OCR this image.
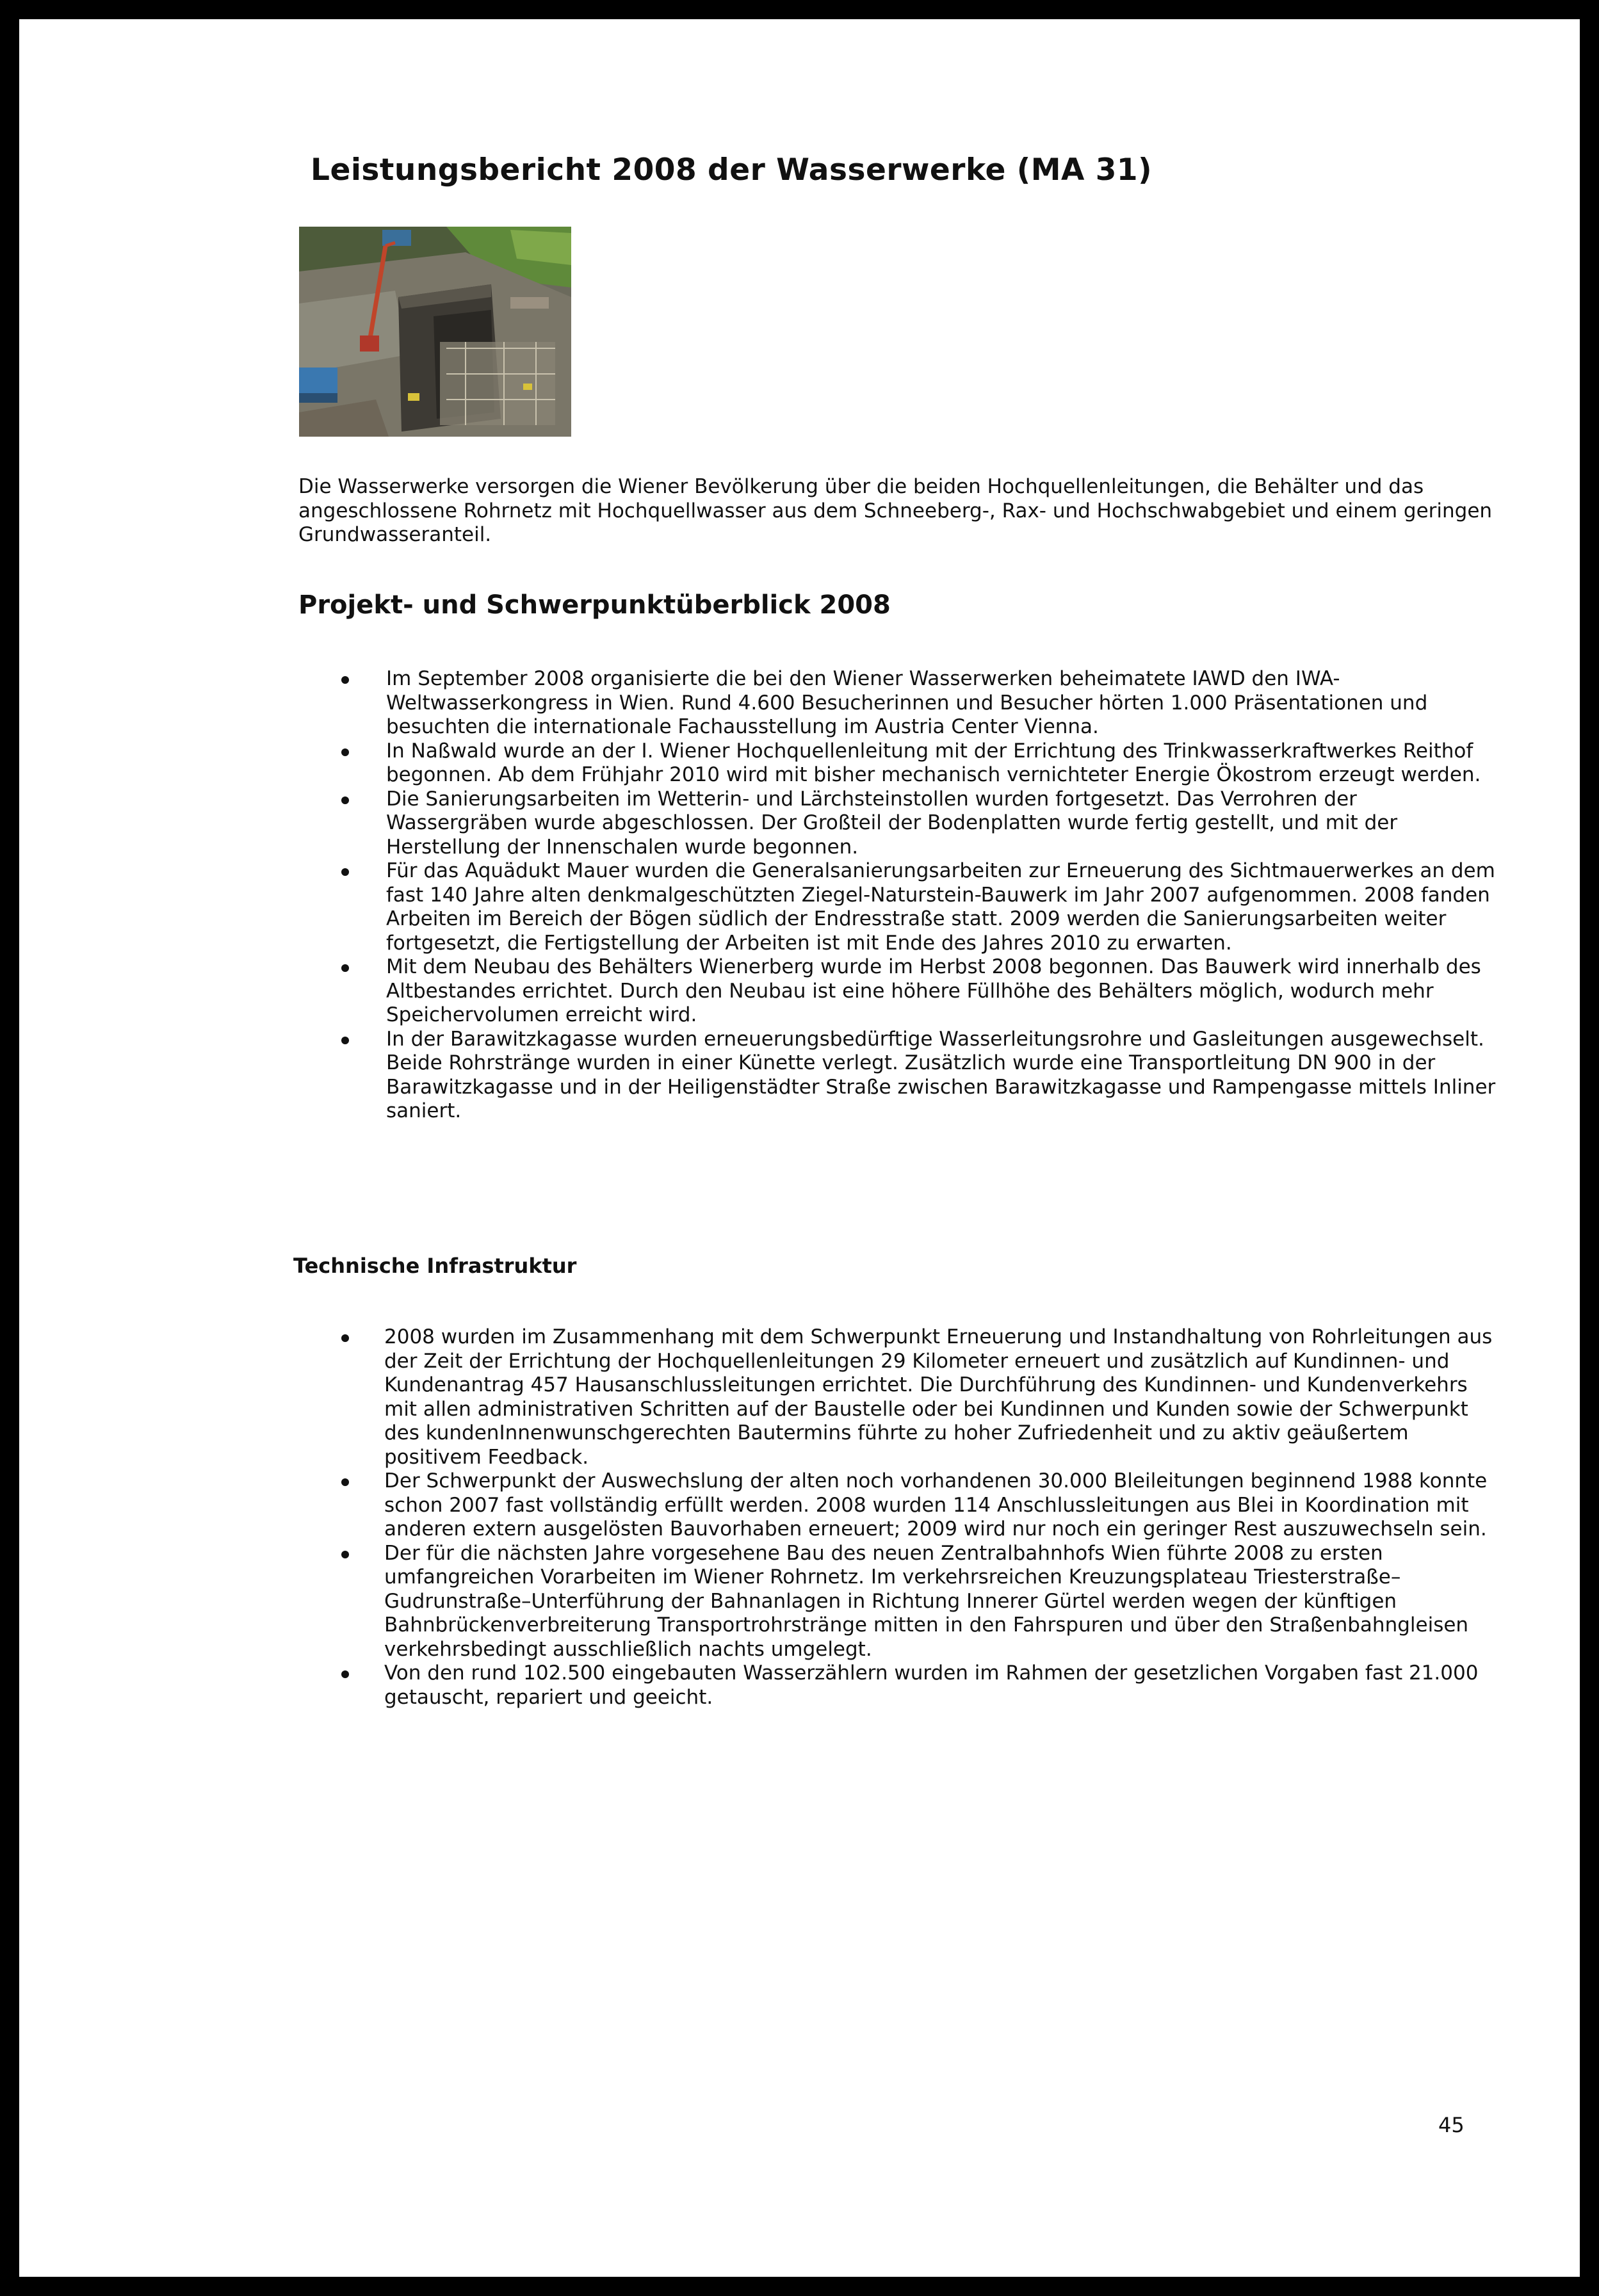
Leistungsbericht 2008 der Wasserwerke (MA 31)

Die Wasserwerke versorgen die Wiener Bevölkerung über die beiden Hochquellenleitungen, die Behälter und das angeschlossene Rohrnetz mit Hochquellwasser aus dem Schneeberg-, Rax- und Hochschwabgebiet und einem geringen Grundwasseranteil.

Projekt- und Schwerpunktüberblick 2008
Im September 2008 organisierte die bei den Wiener Wasserwerken beheimatete IAWD den IWA-Weltwasserkongress in Wien. Rund 4.600 Besucherinnen und Besucher hörten 1.000 Präsentationen und besuchten die internationale Fachausstellung im Austria Center Vienna.
In Naßwald wurde an der I. Wiener Hochquellenleitung mit der Errichtung des Trinkwasserkraftwerkes Reithof begonnen. Ab dem Frühjahr 2010 wird mit bisher mechanisch vernichteter Energie Ökostrom erzeugt werden.
Die Sanierungsarbeiten im Wetterin- und Lärchsteinstollen wurden fortgesetzt. Das Verrohren der Wassergräben wurde abgeschlossen. Der Großteil der Bodenplatten wurde fertig gestellt, und mit der Herstellung der Innenschalen wurde begonnen.
Für das Aquädukt Mauer wurden die Generalsanierungsarbeiten zur Erneuerung des Sichtmauerwerkes an dem fast 140 Jahre alten denkmalgeschützten Ziegel-Naturstein-Bauwerk im Jahr 2007 aufgenommen. 2008 fanden Arbeiten im Bereich der Bögen südlich der Endresstraße statt. 2009 werden die Sanierungsarbeiten weiter fortgesetzt, die Fertigstellung der Arbeiten ist mit Ende des Jahres 2010 zu erwarten.
Mit dem Neubau des Behälters Wienerberg wurde im Herbst 2008 begonnen. Das Bauwerk wird innerhalb des Altbestandes errichtet. Durch den Neubau ist eine höhere Füllhöhe des Behälters möglich, wodurch mehr Speichervolumen erreicht wird.
In der Barawitzkagasse wurden erneuerungsbedürftige Wasserleitungsrohre und Gasleitungen ausgewechselt. Beide Rohrstränge wurden in einer Künette verlegt. Zusätzlich wurde eine Transportleitung DN 900 in der Barawitzkagasse und in der Heiligenstädter Straße zwischen Barawitzkagasse und Rampengasse mittels Inliner saniert.
Technische Infrastruktur
2008 wurden im Zusammenhang mit dem Schwerpunkt Erneuerung und Instandhaltung von Rohrleitungen aus der Zeit der Errichtung der Hochquellenleitungen 29 Kilometer erneuert und zusätzlich auf Kundinnen- und Kundenantrag 457 Hausanschlussleitungen errichtet. Die Durchführung des Kundinnen- und Kundenverkehrs mit allen administrativen Schritten auf der Baustelle oder bei Kundinnen und Kunden sowie der Schwerpunkt des kundenInnenwunschgerechten Bautermins führte zu hoher Zufriedenheit und zu aktiv geäußertem positivem Feedback.
Der Schwerpunkt der Auswechslung der alten noch vorhandenen 30.000 Bleileitungen beginnend 1988 konnte schon 2007 fast vollständig erfüllt werden. 2008 wurden 114 Anschlussleitungen aus Blei in Koordination mit anderen extern ausgelösten Bauvorhaben erneuert; 2009 wird nur noch ein geringer Rest auszuwechseln sein.
Der für die nächsten Jahre vorgesehene Bau des neuen Zentralbahnhofs Wien führte 2008 zu ersten umfangreichen Vorarbeiten im Wiener Rohrnetz. Im verkehrsreichen Kreuzungsplateau Triesterstraße–Gudrunstraße–Unterführung der Bahnanlagen in Richtung Innerer Gürtel werden wegen der künftigen Bahnbrückenverbreiterung Transportrohrstränge mitten in den Fahrspuren und über den Straßenbahngleisen verkehrsbedingt ausschließlich nachts umgelegt.
Von den rund 102.500 eingebauten Wasserzählern wurden im Rahmen der gesetzlichen Vorgaben fast 21.000 getauscht, repariert und geeicht.
45
